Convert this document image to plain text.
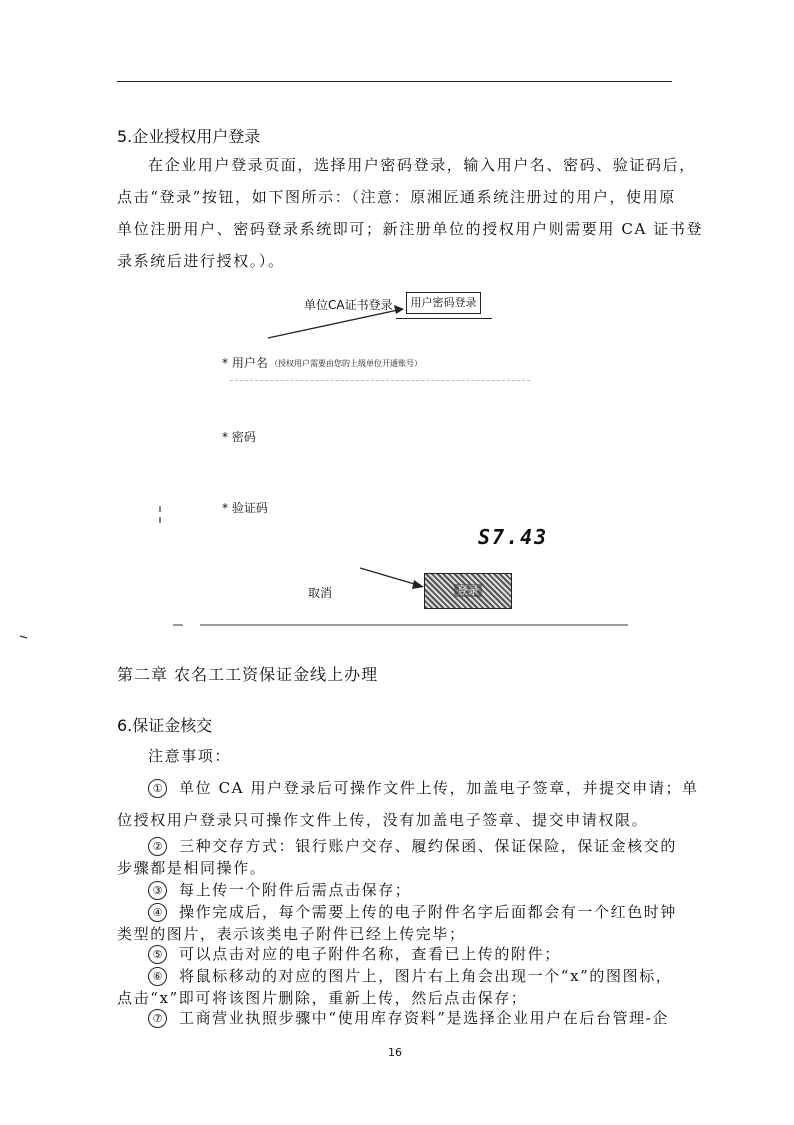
5.企业授权用户登录
在企业用户登录页面，选择用户密码登录，输入用户名、密码、验证码后，
点击“登录”按钮，如下图所示：（注意：原湘匠通系统注册过的用户，使用原
单位注册用户、密码登录系统即可；新注册单位的授权用户则需要用 CA 证书登
录系统后进行授权。）。
单位CA证书登录	用户密码登录
* 用户名 （授权用户需要由您的上级单位开通账号）
* 密码
* 验证码
S7.43
取消	登录
第二章 农名工工资保证金线上办理
6.保证金核交
注意事项：
① 单位 CA 用户登录后可操作文件上传，加盖电子签章，并提交申请；单
位授权用户登录只可操作文件上传，没有加盖电子签章、提交申请权限。
② 三种交存方式：银行账户交存、履约保函、保证保险，保证金核交的
步骤都是相同操作。
③ 每上传一个附件后需点击保存；
④ 操作完成后，每个需要上传的电子附件名字后面都会有一个红色时钟
类型的图片，表示该类电子附件已经上传完毕；
⑤ 可以点击对应的电子附件名称，查看已上传的附件；
⑥ 将鼠标移动的对应的图片上，图片右上角会出现一个“x”的图图标，
点击“x”即可将该图片删除，重新上传，然后点击保存；
⑦ 工商营业执照步骤中“使用库存资料”是选择企业用户在后台管理-企
16
